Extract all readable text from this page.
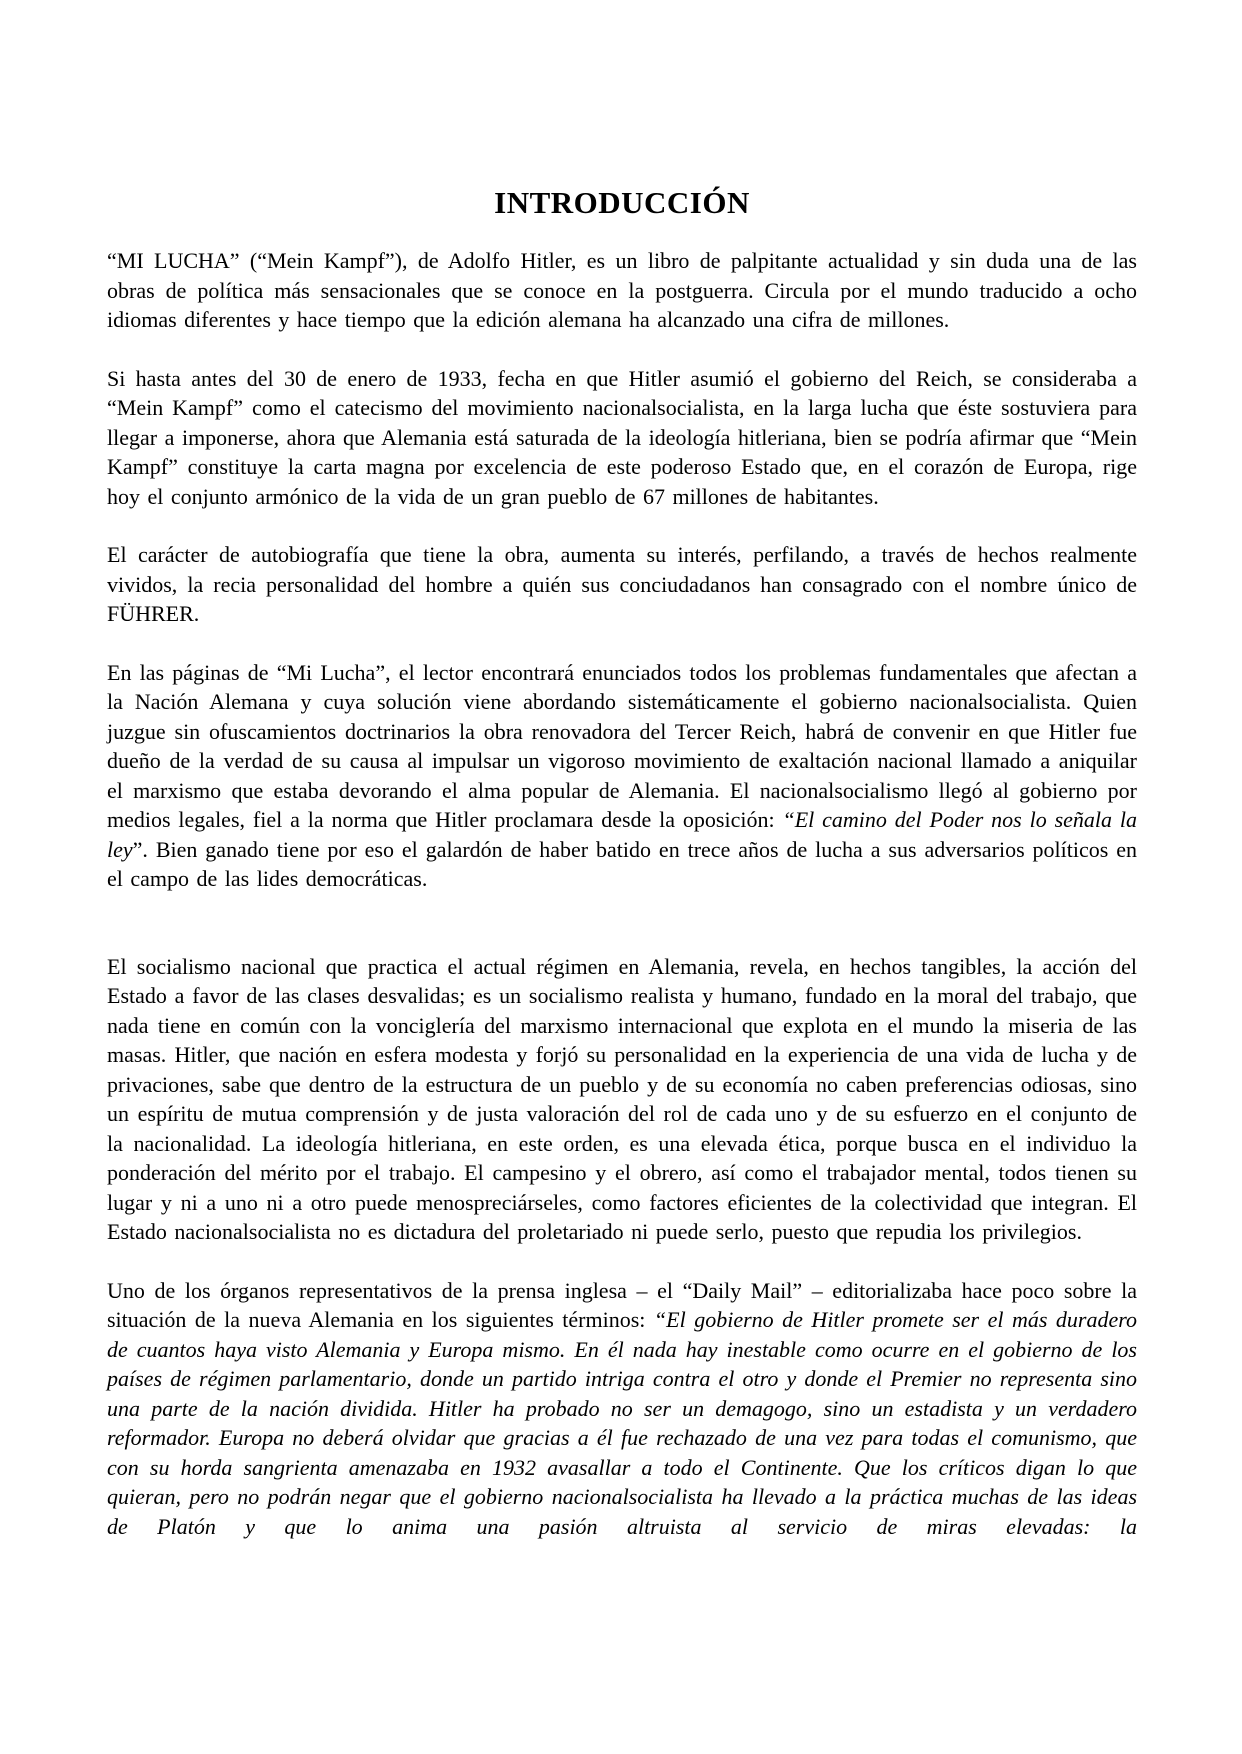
INTRODUCCIÓN

“MI LUCHA” (“Mein Kampf”), de Adolfo Hitler, es un libro de palpitante actualidad y sin duda una de las obras de política más sensacionales que se conoce en la postguerra. Circula por el mundo traducido a ocho idiomas diferentes y hace tiempo que la edición alemana ha alcanzado una cifra de millones.

Si hasta antes del 30 de enero de 1933, fecha en que Hitler asumió el gobierno del Reich, se consideraba a “Mein Kampf” como el catecismo del movimiento nacionalsocialista, en la larga lucha que éste sostuviera para llegar a imponerse, ahora que Alemania está saturada de la ideología hitleriana, bien se podría afirmar que “Mein Kampf” constituye la carta magna por excelencia de este poderoso Estado que, en el corazón de Europa, rige hoy el conjunto armónico de la vida de un gran pueblo de 67 millones de habitantes.

El carácter de autobiografía que tiene la obra, aumenta su interés, perfilando, a través de hechos realmente vividos, la recia personalidad del hombre a quién sus conciudadanos han consagrado con el nombre único de FÜHRER.

En las páginas de “Mi Lucha”, el lector encontrará enunciados todos los problemas fundamentales que afectan a la Nación Alemana y cuya solución viene abordando sistemáticamente el gobierno nacionalsocialista. Quien juzgue sin ofuscamientos doctrinarios la obra renovadora del Tercer Reich, habrá de convenir en que Hitler fue dueño de la verdad de su causa al impulsar un vigoroso movimiento de exaltación nacional llamado a aniquilar el marxismo que estaba devorando el alma popular de Alemania. El nacionalsocialismo llegó al gobierno por medios legales, fiel a la norma que Hitler proclamara desde la oposición: “El camino del Poder nos lo señala la ley”. Bien ganado tiene por eso el galardón de haber batido en trece años de lucha a sus adversarios políticos en el campo de las lides democráticas.

El socialismo nacional que practica el actual régimen en Alemania, revela, en hechos tangibles, la acción del Estado a favor de las clases desvalidas; es un socialismo realista y humano, fundado en la moral del trabajo, que nada tiene en común con la vonciglería del marxismo internacional que explota en el mundo la miseria de las masas. Hitler, que nación en esfera modesta y forjó su personalidad en la experiencia de una vida de lucha y de privaciones, sabe que dentro de la estructura de un pueblo y de su economía no caben preferencias odiosas, sino un espíritu de mutua comprensión y de justa valoración del rol de cada uno y de su esfuerzo en el conjunto de la nacionalidad. La ideología hitleriana, en este orden, es una elevada ética, porque busca en el individuo la ponderación del mérito por el trabajo. El campesino y el obrero, así como el trabajador mental, todos tienen su lugar y ni a uno ni a otro puede menospreciárseles, como factores eficientes de la colectividad que integran. El Estado nacionalsocialista no es dictadura del proletariado ni puede serlo, puesto que repudia los privilegios.

Uno de los órganos representativos de la prensa inglesa – el “Daily Mail” – editorializaba hace poco sobre la situación de la nueva Alemania en los siguientes términos: “El gobierno de Hitler promete ser el más duradero de cuantos haya visto Alemania y Europa mismo. En él nada hay inestable como ocurre en el gobierno de los países de régimen parlamentario, donde un partido intriga contra el otro y donde el Premier no representa sino una parte de la nación dividida. Hitler ha probado no ser un demagogo, sino un estadista y un verdadero reformador. Europa no deberá olvidar que gracias a él fue rechazado de una vez para todas el comunismo, que con su horda sangrienta amenazaba en 1932 avasallar a todo el Continente. Que los críticos digan lo que quieran, pero no podrán negar que el gobierno nacionalsocialista ha llevado a la práctica muchas de las ideas de Platón y que lo anima una pasión altruista al servicio de miras elevadas: la
